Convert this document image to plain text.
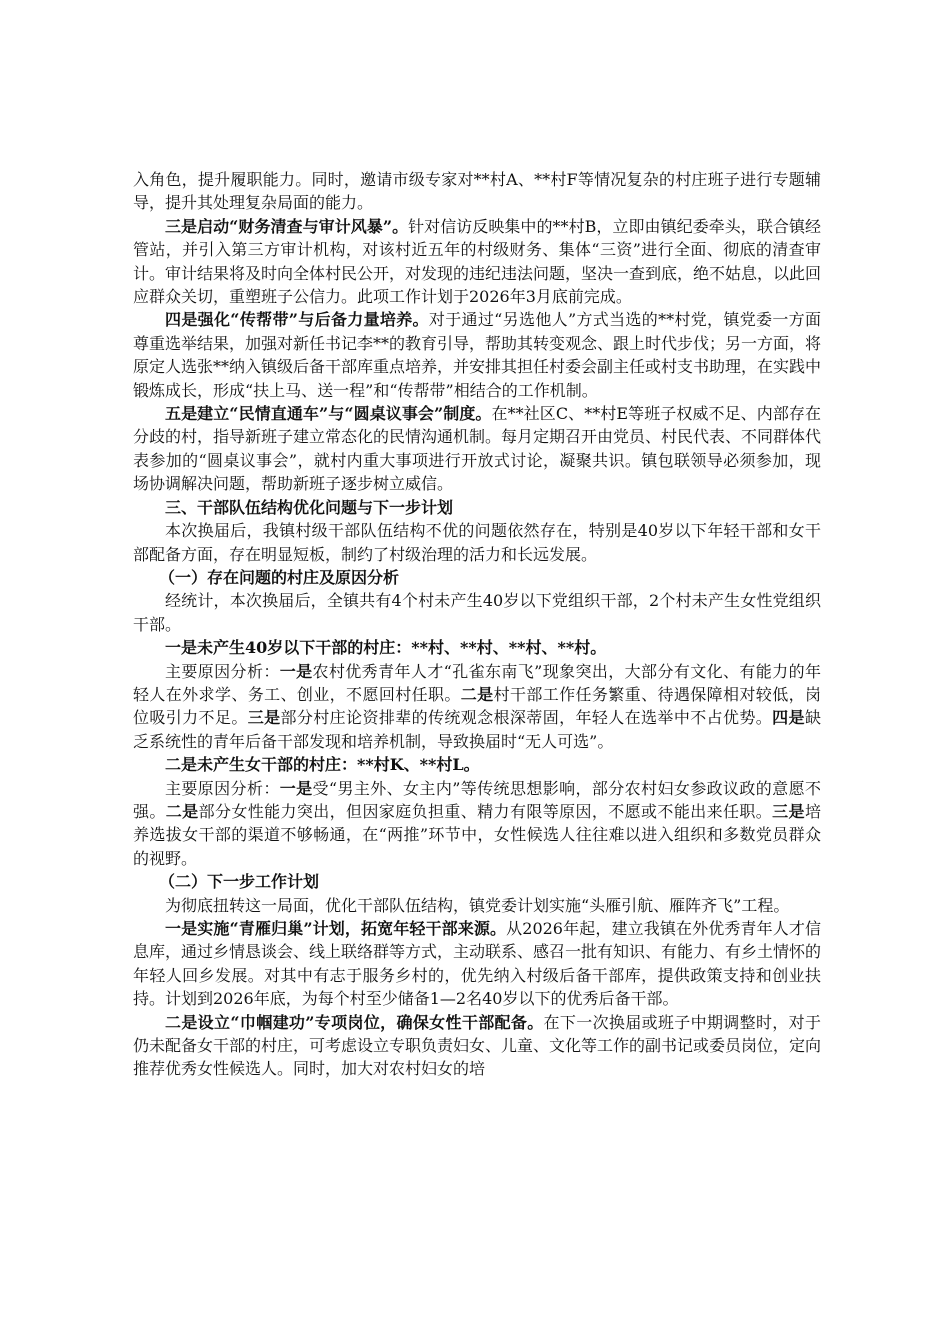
入角色，提升履职能力。同时，邀请市级专家对**村A、**村F等情况复杂的村庄班子进行专题辅导，提升其处理复杂局面的能力。

三是启动“财务清查与审计风暴”。针对信访反映集中的**村B，立即由镇纪委牵头，联合镇经管站，并引入第三方审计机构，对该村近五年的村级财务、集体“三资”进行全面、彻底的清查审计。审计结果将及时向全体村民公开，对发现的违纪违法问题，坚决一查到底，绝不姑息，以此回应群众关切，重塑班子公信力。此项工作计划于2026年3月底前完成。

四是强化“传帮带”与后备力量培养。对于通过“另选他人”方式当选的**村党，镇党委一方面尊重选举结果，加强对新任书记李**的教育引导，帮助其转变观念、跟上时代步伐；另一方面，将原定人选张**纳入镇级后备干部库重点培养，并安排其担任村委会副主任或村支书助理，在实践中锻炼成长，形成“扶上马、送一程”和“传帮带”相结合的工作机制。

五是建立“民情直通车”与“圆桌议事会”制度。在**社区C、**村E等班子权威不足、内部存在分歧的村，指导新班子建立常态化的民情沟通机制。每月定期召开由党员、村民代表、不同群体代表参加的“圆桌议事会”，就村内重大事项进行开放式讨论，凝聚共识。镇包联领导必须参加，现场协调解决问题，帮助新班子逐步树立威信。

三、干部队伍结构优化问题与下一步计划

本次换届后，我镇村级干部队伍结构不优的问题依然存在，特别是40岁以下年轻干部和女干部配备方面，存在明显短板，制约了村级治理的活力和长远发展。

（一）存在问题的村庄及原因分析

经统计，本次换届后，全镇共有4个村未产生40岁以下党组织干部，2个村未产生女性党组织干部。

一是未产生40岁以下干部的村庄：**村、**村、**村、**村。

主要原因分析：一是农村优秀青年人才“孔雀东南飞”现象突出，大部分有文化、有能力的年轻人在外求学、务工、创业，不愿回村任职。二是村干部工作任务繁重、待遇保障相对较低，岗位吸引力不足。三是部分村庄论资排辈的传统观念根深蒂固，年轻人在选举中不占优势。四是缺乏系统性的青年后备干部发现和培养机制，导致换届时“无人可选”。

二是未产生女干部的村庄：**村K、**村L。

主要原因分析：一是受“男主外、女主内”等传统思想影响，部分农村妇女参政议政的意愿不强。二是部分女性能力突出，但因家庭负担重、精力有限等原因，不愿或不能出来任职。三是培养选拔女干部的渠道不够畅通，在“两推”环节中，女性候选人往往难以进入组织和多数党员群众的视野。

（二）下一步工作计划

为彻底扭转这一局面，优化干部队伍结构，镇党委计划实施“头雁引航、雁阵齐飞”工程。

一是实施“青雁归巢”计划，拓宽年轻干部来源。从2026年起，建立我镇在外优秀青年人才信息库，通过乡情恳谈会、线上联络群等方式，主动联系、感召一批有知识、有能力、有乡土情怀的年轻人回乡发展。对其中有志于服务乡村的，优先纳入村级后备干部库，提供政策支持和创业扶持。计划到2026年底，为每个村至少储备1—2名40岁以下的优秀后备干部。

二是设立“巾帼建功”专项岗位，确保女性干部配备。在下一次换届或班子中期调整时，对于仍未配备女干部的村庄，可考虑设立专职负责妇女、儿童、文化等工作的副书记或委员岗位，定向推荐优秀女性候选人。同时，加大对农村妇女的培
